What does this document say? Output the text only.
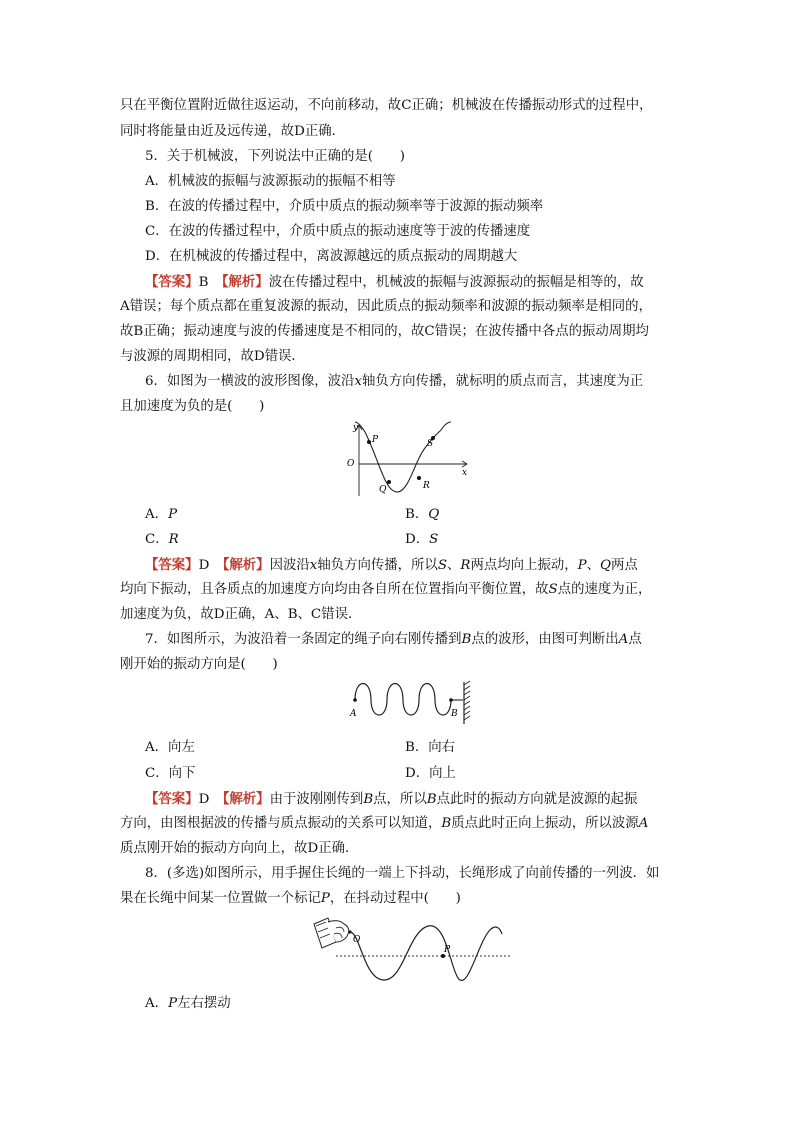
只在平衡位置附近做往返运动，不向前移动，故C正确；机械波在传播振动形式的过程中，
同时将能量由近及远传递，故D正确．
5．关于机械波，下列说法中正确的是(　　)
A．机械波的振幅与波源振动的振幅不相等
B．在波的传播过程中，介质中质点的振动频率等于波源的振动频率
C．在波的传播过程中，介质中质点的振动速度等于波的传播速度
D．在机械波的传播过程中，离波源越远的质点振动的周期越大
【答案】B　 【解析】波在传播过程中，机械波的振幅与波源振动的振幅是相等的，故
A错误；每个质点都在重复波源的振动，因此质点的振动频率和波源的振动频率是相同的，
故B正确；振动速度与波的传播速度是不相同的，故C错误；在波传播中各点的振动周期均
与波源的周期相同，故D错误．
6．如图为一横波的波形图像，波沿x轴负方向传播，就标明的质点而言，其速度为正
且加速度为负的是(　　)
y
x
O
P
Q	R
S
A．P	B．Q
C．R	D．S
【答案】D　 【解析】因波沿x轴负方向传播，所以S、R两点均向上振动，P、Q两点
均向下振动，且各质点的加速度方向均由各自所在位置指向平衡位置，故S点的速度为正，
加速度为负，故D正确，A、B、C错误．
7．如图所示，为波沿着一条固定的绳子向右刚传播到B点的波形，由图可判断出A点
刚开始的振动方向是(　　)
A	B
A．向左	B．向右
C．向下	D．向上
【答案】D　 【解析】由于波刚刚传到B点，所以B点此时的振动方向就是波源的起振
方向，由图根据波的传播与质点振动的关系可以知道，B质点此时正向上振动，所以波源A
质点刚开始的振动方向向上，故D正确．
8．(多选)如图所示，用手握住长绳的一端上下抖动，长绳形成了向前传播的一列波．如
果在长绳中间某一位置做一个标记P，在抖动过程中(　　)
O
P
A．P左右摆动
